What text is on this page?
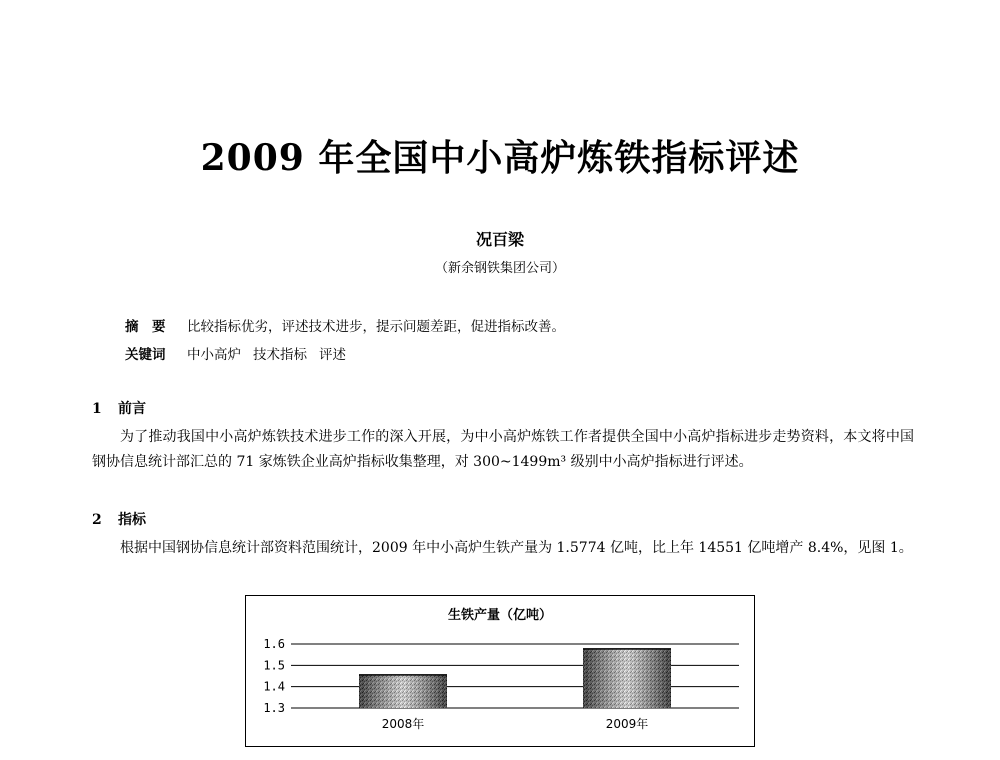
2009 年全国中小高炉炼铁指标评述
况百梁
（新余钢铁集团公司）
摘　要 比较指标优劣，评述技术进步，提示问题差距，促进指标改善。
关键词 中小高炉 技术指标 评述
1 前言
为了推动我国中小高炉炼铁技术进步工作的深入开展，为中小高炉炼铁工作者提供全国中小高炉指标进步走势资料，本文将中国钢协信息统计部汇总的 71 家炼铁企业高炉指标收集整理，对 300~1499m³ 级别中小高炉指标进行评述。
2 指标
根据中国钢协信息统计部资料范围统计，2009 年中小高炉生铁产量为 1.5774 亿吨，比上年 14551 亿吨增产 8.4%，见图 1。
生铁产量（亿吨）
1.3
1.4
1.5
1.6
2008年	2009年
